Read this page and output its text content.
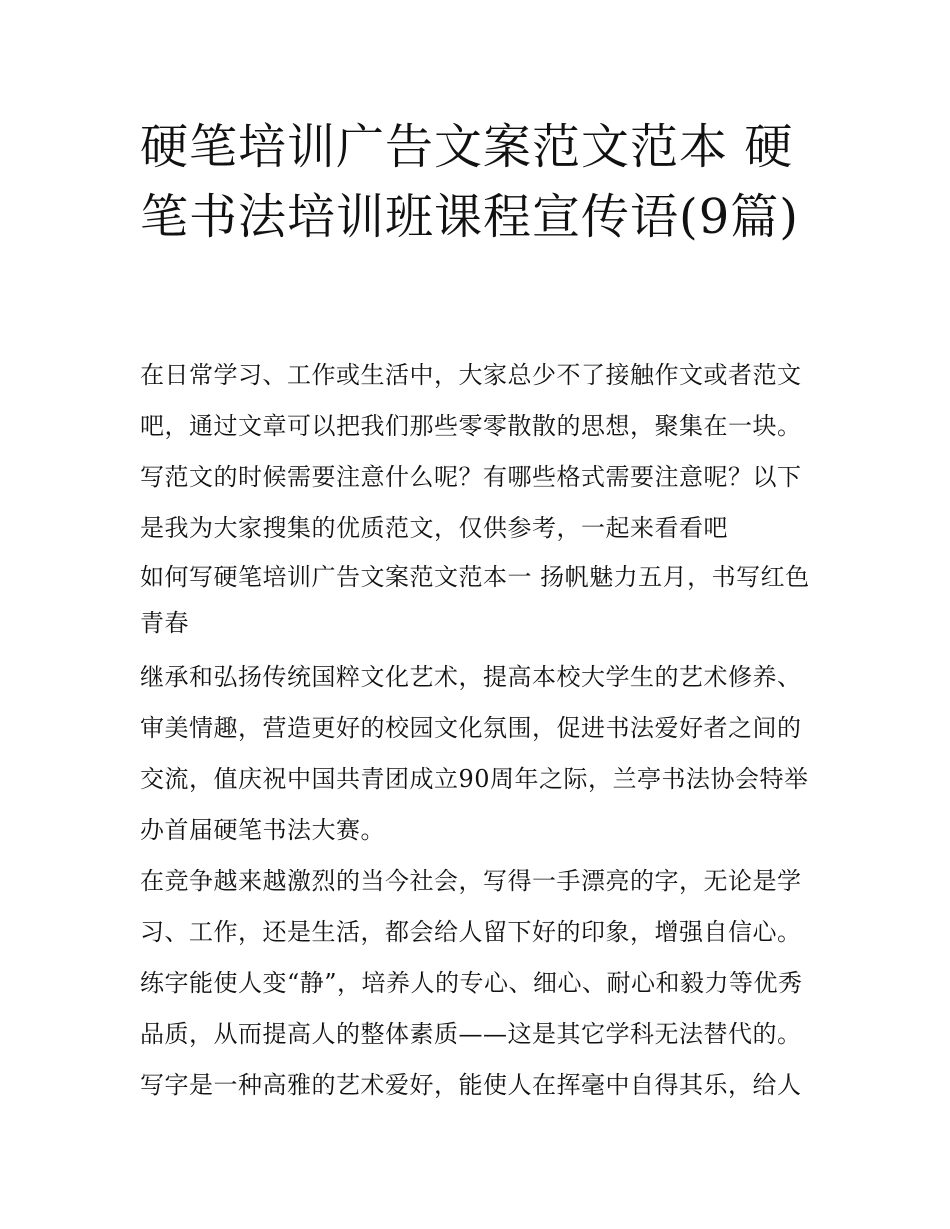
硬笔培训广告文案范文范本 硬笔书法培训班课程宣传语(9篇)

在日常学习、工作或生活中，大家总少不了接触作文或者范文吧，通过文章可以把我们那些零零散散的思想，聚集在一块。写范文的时候需要注意什么呢？有哪些格式需要注意呢？以下是我为大家搜集的优质范文，仅供参考，一起来看看吧

如何写硬笔培训广告文案范文范本一 扬帆魅力五月，书写红色青春

继承和弘扬传统国粹文化艺术，提高本校大学生的艺术修养、审美情趣，营造更好的校园文化氛围，促进书法爱好者之间的交流，值庆祝中国共青团成立90周年之际，兰亭书法协会特举办首届硬笔书法大赛。

在竞争越来越激烈的当今社会，写得一手漂亮的字，无论是学习、工作，还是生活，都会给人留下好的印象，增强自信心。练字能使人变“静”，培养人的专心、细心、耐心和毅力等优秀品质，从而提高人的整体素质——这是其它学科无法替代的。写字是一种高雅的艺术爱好，能使人在挥毫中自得其乐，给人
